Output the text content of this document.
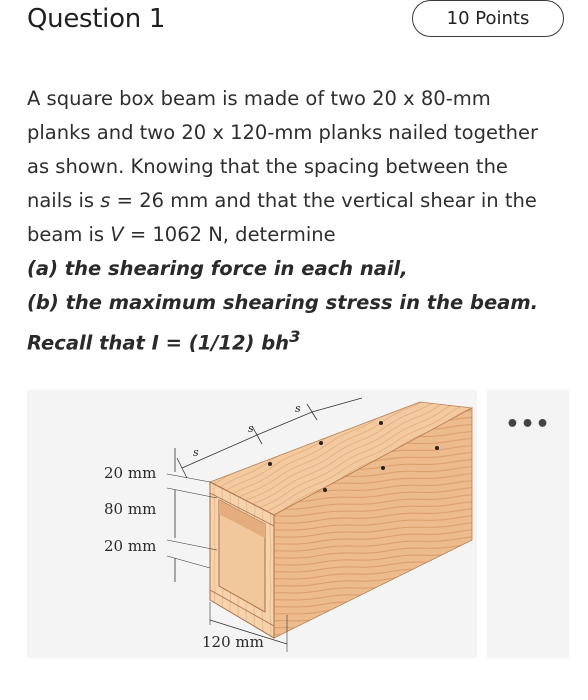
Question 1	10 Points

A square box beam is made of two 20 x 80-mm

planks and two 20 x 120-mm planks nailed together

as shown. Knowing that the spacing between the

nails is s = 26 mm and that the vertical shear in the

beam is V = 1062 N, determine

(a) the shearing force in each nail,

(b) the maximum shearing stress in the beam.

Recall that I = (1/12) $bh^3$

s
s
s
20 mm
80 mm
20 mm
120 mm
•••
